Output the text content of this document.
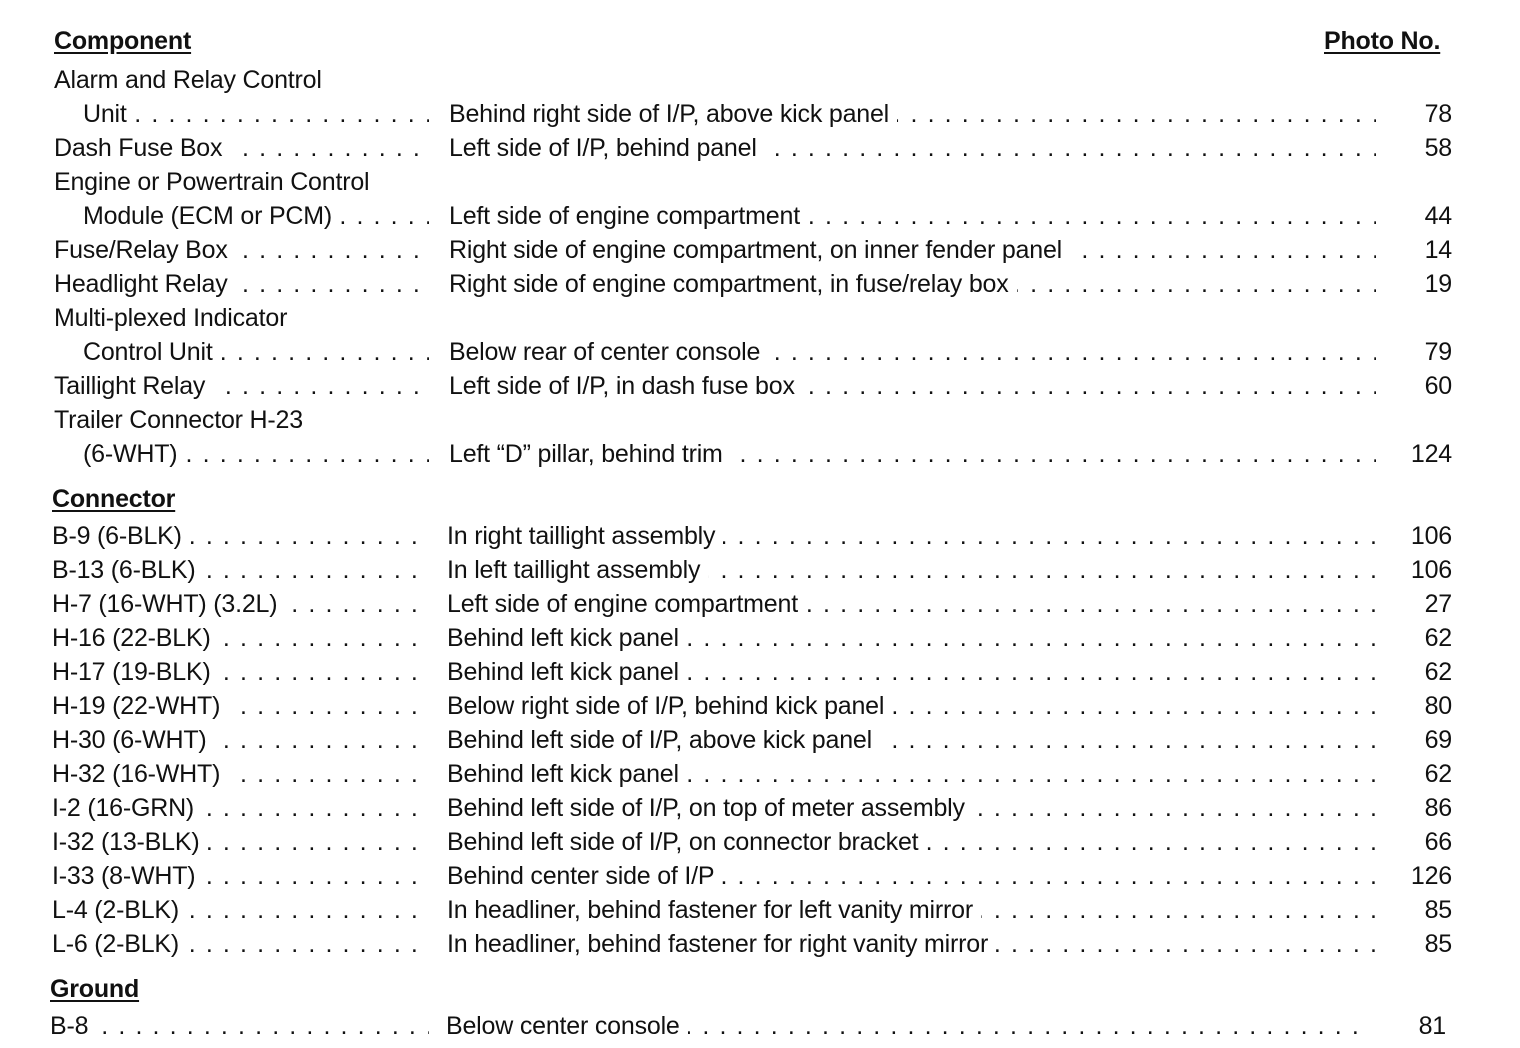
Component	Photo No.
Alarm and Relay Control
Unit . . .	Behind right side of I/P, above kick panel . . .	78
Dash Fuse Box . . .	Left side of I/P, behind panel . . .	58
Engine or Powertrain Control
Module (ECM or PCM) . . .	Left side of engine compartment . . .	44
Fuse/Relay Box . . .	Right side of engine compartment, on inner fender panel . . .	14
Headlight Relay . . .	Right side of engine compartment, in fuse/relay box . . .	19
Multi-plexed Indicator
Control Unit . . .	Below rear of center console . . .	79
Taillight Relay . . .	Left side of I/P, in dash fuse box . . .	60
Trailer Connector H-23
(6-WHT) . . .	Left “D” pillar, behind trim . . .	124
Connector
B-9 (6-BLK) . . .	In right taillight assembly . . .	106
B-13 (6-BLK) . . .	In left taillight assembly . . .	106
H-7 (16-WHT) (3.2L) . . .	Left side of engine compartment . . .	27
H-16 (22-BLK) . . .	Behind left kick panel . . .	62
H-17 (19-BLK) . . .	Behind left kick panel . . .	62
H-19 (22-WHT) . . .	Below right side of I/P, behind kick panel . . .	80
H-30 (6-WHT) . . .	Behind left side of I/P, above kick panel . . .	69
H-32 (16-WHT) . . .	Behind left kick panel . . .	62
I-2 (16-GRN) . . .	Behind left side of I/P, on top of meter assembly . . .	86
I-32 (13-BLK) . . .	Behind left side of I/P, on connector bracket . . .	66
I-33 (8-WHT) . . .	Behind center side of I/P . . .	126
L-4 (2-BLK) . . .	In headliner, behind fastener for left vanity mirror . . .	85
L-6 (2-BLK) . . .	In headliner, behind fastener for right vanity mirror . . .	85
Ground
B-8 . . .	Below center console . . .	81
